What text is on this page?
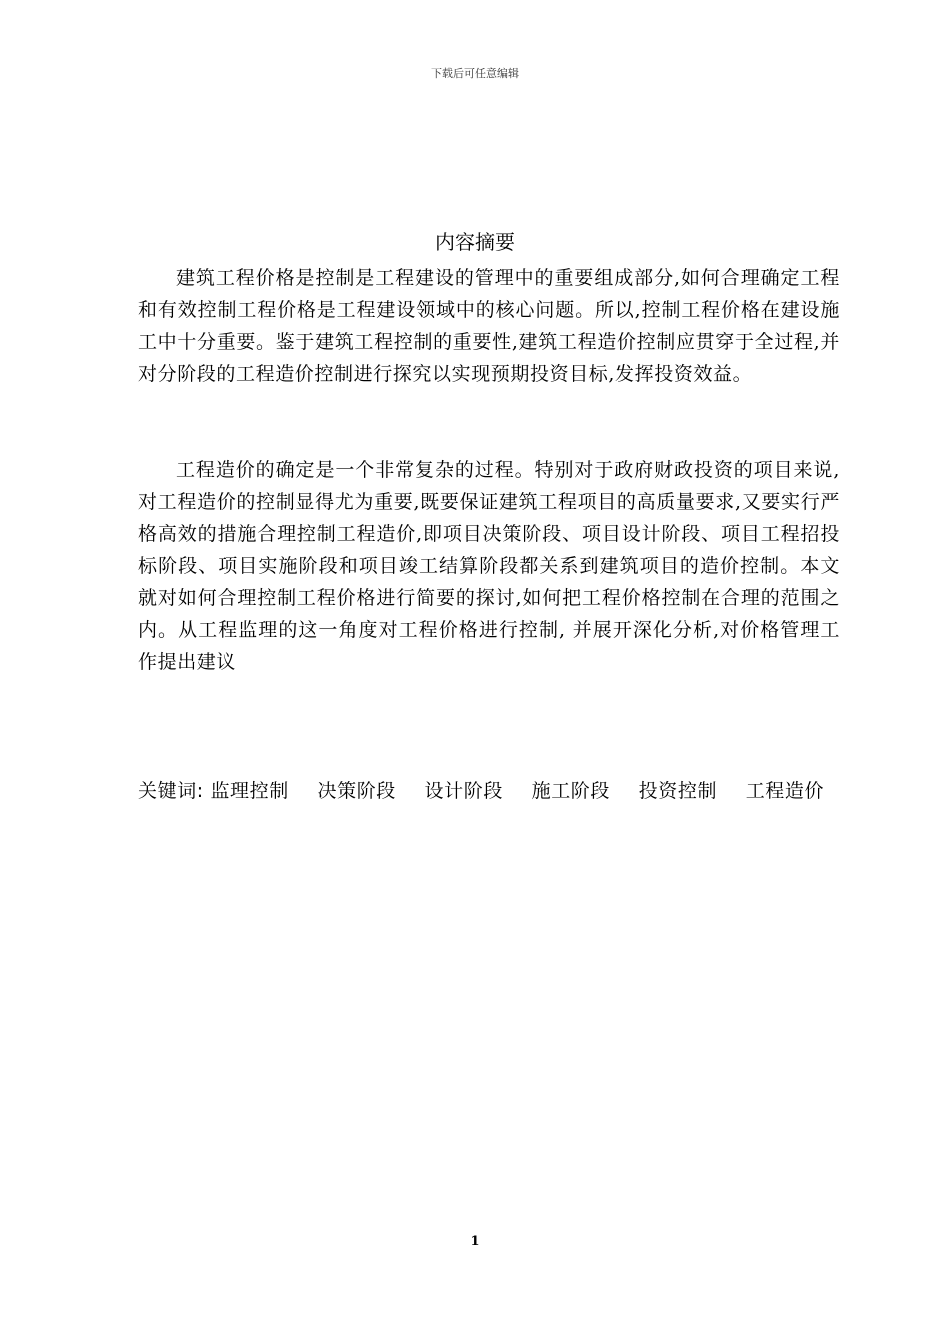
下载后可任意编辑
内容摘要

建筑工程价格是控制是工程建设的管理中的重要组成部分,如何合理确定工程和有效控制工程价格是工程建设领域中的核心问题。所以,控制工程价格在建设施工中十分重要。鉴于建筑工程控制的重要性,建筑工程造价控制应贯穿于全过程,并对分阶段的工程造价控制进行探究以实现预期投资目标,发挥投资效益。

工程造价的确定是一个非常复杂的过程。特别对于政府财政投资的项目来说,对工程造价的控制显得尤为重要,既要保证建筑工程项目的高质量要求,又要实行严格高效的措施合理控制工程造价,即项目决策阶段、项目设计阶段、项目工程招投标阶段、项目实施阶段和项目竣工结算阶段都关系到建筑项目的造价控制。本文就对如何合理控制工程价格进行简要的探讨,如何把工程价格控制在合理的范围之内。从工程监理的这一角度对工程价格进行控制, 并展开深化分析,对价格管理工作提出建议

关键词: 监理控制 决策阶段 设计阶段 施工阶段 投资控制 工程造价
1
